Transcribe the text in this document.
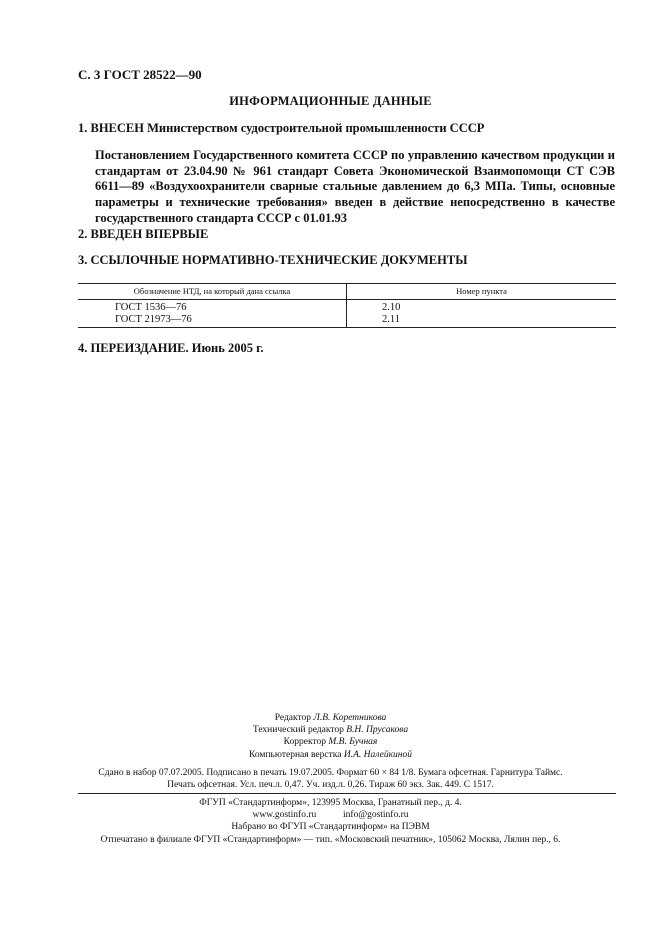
С. 3 ГОСТ 28522—90
ИНФОРМАЦИОННЫЕ ДАННЫЕ
1. ВНЕСЕН Министерством судостроительной промышленности СССР
Постановлением Государственного комитета СССР по управлению качеством продукции и стандартам от 23.04.90 № 961 стандарт Совета Экономической Взаимопомощи СТ СЭВ 6611—89 «Воздухоохранители сварные стальные давлением до 6,3 МПа. Типы, основные параметры и технические требования» введен в действие непосредственно в качестве государственного стандарта СССР с 01.01.93
2. ВВЕДЕН ВПЕРВЫЕ
3. ССЫЛОЧНЫЕ НОРМАТИВНО-ТЕХНИЧЕСКИЕ ДОКУМЕНТЫ
Обозначение НТД, на который дана ссылка	Номер пункта
ГОСТ 1536—76	2.10
ГОСТ 21973—76	2.11
4. ПЕРЕИЗДАНИЕ. Июнь 2005 г.
Редактор Л.В. Коретникова
Технический редактор В.Н. Прусакова
Корректор М.В. Бучная
Компьютерная верстка И.А. Налейкиной
Сдано в набор 07.07.2005. Подписано в печать 19.07.2005. Формат 60 × 84 1/8. Бумага офсетная. Гарнитура Таймс.
Печать офсетная. Усл. печ.л. 0,47. Уч. изд.л. 0,26. Тираж 60 экз. Зак. 449. С 1517.
ФГУП «Стандартинформ», 123995 Москва, Гранатный пер., д. 4.
www.gostinfo.ru	info@gostinfo.ru
Набрано во ФГУП «Стандартинформ» на ПЭВМ
Отпечатано в филиале ФГУП «Стандартинформ» — тип. «Московский печатник», 105062 Москва, Лялин пер., 6.
